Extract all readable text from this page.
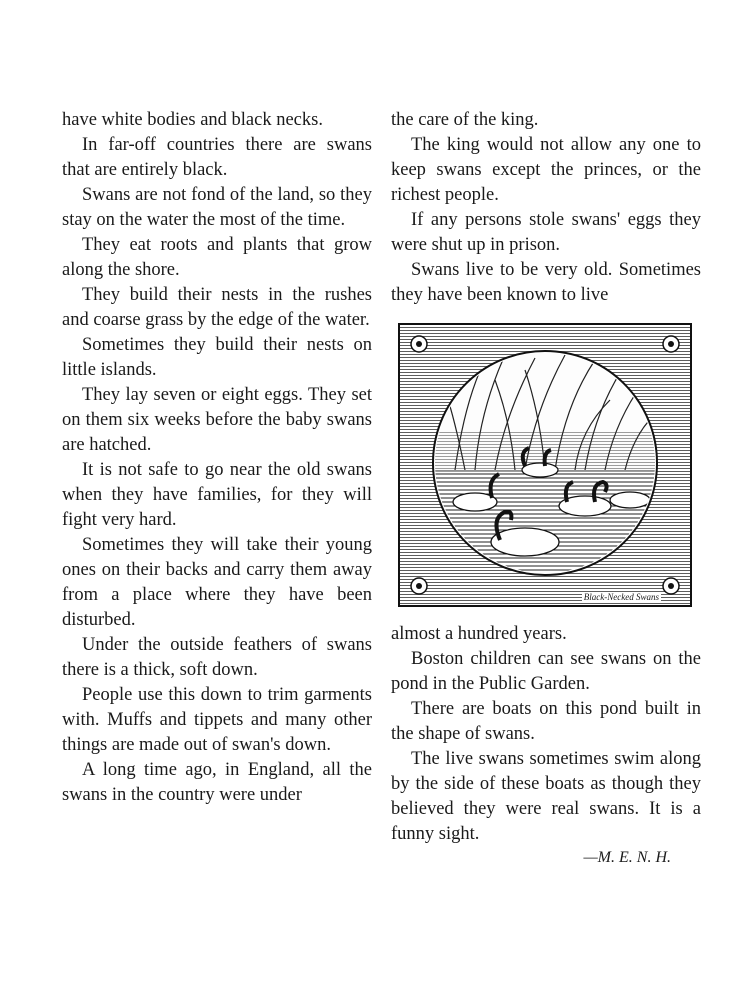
have white bodies and black necks.

In far-off countries there are swans that are entirely black.

Swans are not fond of the land, so they stay on the water the most of the time.

They eat roots and plants that grow along the shore.

They build their nests in the rushes and coarse grass by the edge of the water.

Sometimes they build their nests on little islands.

They lay seven or eight eggs. They set on them six weeks before the baby swans are hatched.

It is not safe to go near the old swans when they have families, for they will fight very hard.

Sometimes they will take their young ones on their backs and carry them away from a place where they have been disturbed.

Under the outside feathers of swans there is a thick, soft down.

People use this down to trim garments with. Muffs and tippets and many other things are made out of swan's down.

A long time ago, in England, all the swans in the country were under

the care of the king.

The king would not allow any one to keep swans except the princes, or the richest people.

If any persons stole swans' eggs they were shut up in prison.

Swans live to be very old. Sometimes they have been known to live

Black-Necked Swans

almost a hundred years.

Boston children can see swans on the pond in the Public Garden.

There are boats on this pond built in the shape of swans.

The live swans sometimes swim along by the side of these boats as though they believed they were real swans. It is a funny sight.

—M. E. N. H.
